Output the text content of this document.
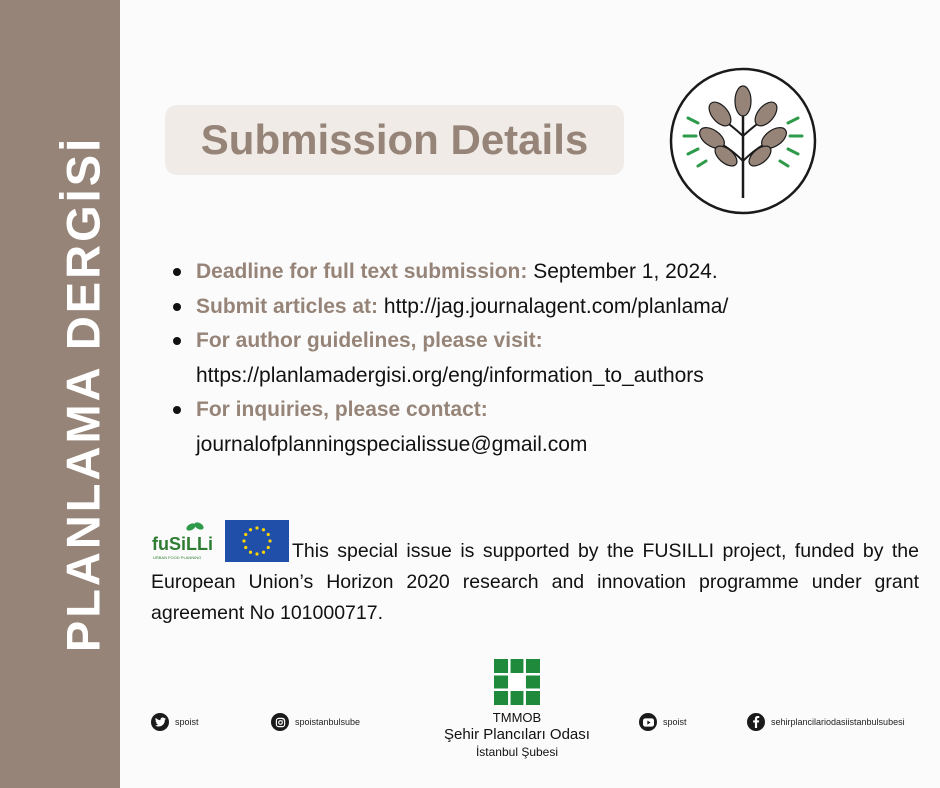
PLANLAMA DERGİSİ Submission Details
Deadline for full text submission: September 1, 2024.
Submit articles at: http://jag.journalagent.com/planlama/
For author guidelines, please visit:
https://planlamadergisi.org/eng/information_to_authors
For inquiries, please contact:
journalofplanningspecialissue@gmail.com
fuSiLLi
URBAN FOOD PLANNING	This special issue is supported by the FUSILLI project, funded by the European Union’s Horizon 2020 research and innovation programme under grant agreement No 101000717.

spoist	spoistanbulsube	TMMOB
Şehir Plancıları Odası
İstanbul Şubesi
spoist	sehirplancilariodasiistanbulsubesi
